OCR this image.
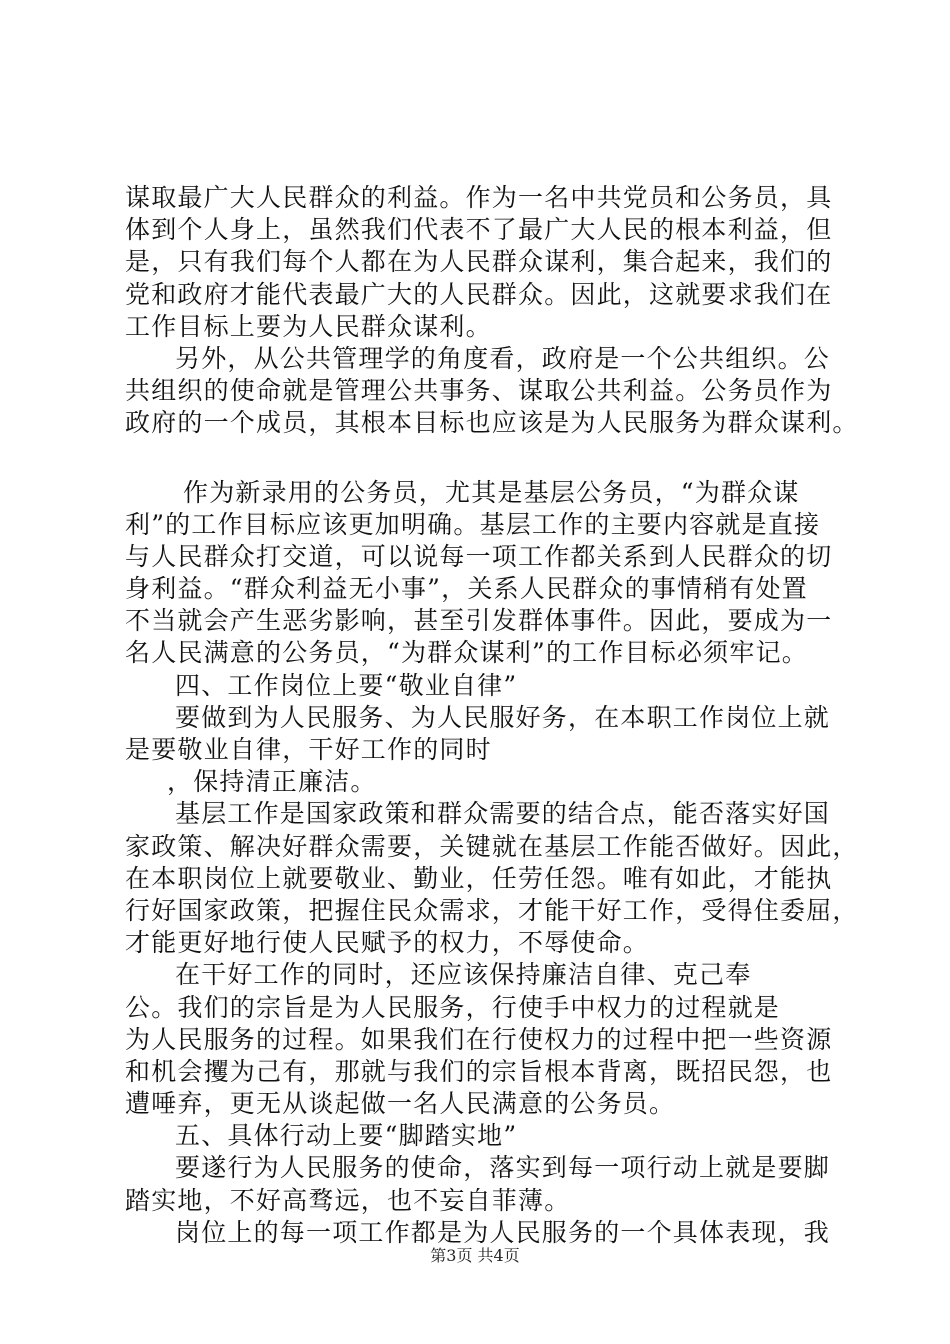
谋取最广大人民群众的利益。作为一名中共党员和公务员，具
体到个人身上，虽然我们代表不了最广大人民的根本利益，但
是，只有我们每个人都在为人民群众谋利，集合起来，我们的
党和政府才能代表最广大的人民群众。因此，这就要求我们在
工作目标上要为人民群众谋利。
另外，从公共管理学的角度看，政府是一个公共组织。公
共组织的使命就是管理公共事务、谋取公共利益。公务员作为
政府的一个成员，其根本目标也应该是为人民服务为群众谋利。
作为新录用的公务员，尤其是基层公务员，“为群众谋
利”的工作目标应该更加明确。基层工作的主要内容就是直接
与人民群众打交道，可以说每一项工作都关系到人民群众的切
身利益。“群众利益无小事”，关系人民群众的事情稍有处置
不当就会产生恶劣影响，甚至引发群体事件。因此，要成为一
名人民满意的公务员，“为群众谋利”的工作目标必须牢记。
四、工作岗位上要“敬业自律”
要做到为人民服务、为人民服好务，在本职工作岗位上就
是要敬业自律，干好工作的同时
，保持清正廉洁。
基层工作是国家政策和群众需要的结合点，能否落实好国
家政策、解决好群众需要，关键就在基层工作能否做好。因此，
在本职岗位上就要敬业、勤业，任劳任怨。唯有如此，才能执
行好国家政策，把握住民众需求，才能干好工作，受得住委屈，
才能更好地行使人民赋予的权力，不辱使命。
在干好工作的同时，还应该保持廉洁自律、克己奉
公。我们的宗旨是为人民服务，行使手中权力的过程就是
为人民服务的过程。如果我们在行使权力的过程中把一些资源
和机会攫为己有，那就与我们的宗旨根本背离，既招民怨，也
遭唾弃，更无从谈起做一名人民满意的公务员。
五、具体行动上要“脚踏实地”
要遂行为人民服务的使命，落实到每一项行动上就是要脚
踏实地，不好高骛远，也不妄自菲薄。
岗位上的每一项工作都是为人民服务的一个具体表现，我
第3页 共4页
